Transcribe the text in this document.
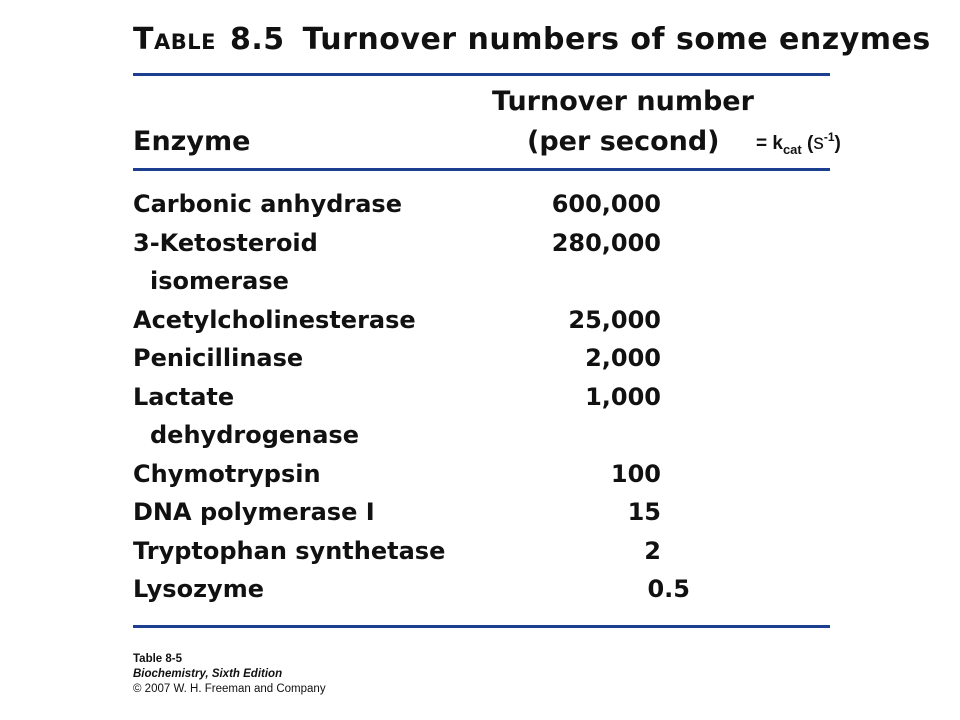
Table 8.5 Turnover numbers of some enzymes
Turnover number
Enzyme	(per second) = $k_{cat}$ $(s^{-1})$
Carbonic anhydrase	600,000
3-Ketosteroid	280,000
isomerase
Acetylcholinesterase	25,000
Penicillinase	2,000
Lactate	1,000
dehydrogenase
Chymotrypsin	100
DNA polymerase I	15
Tryptophan synthetase	2
Lysozyme	0.5
Table 8-5
Biochemistry, Sixth Edition
© 2007 W. H. Freeman and Company
